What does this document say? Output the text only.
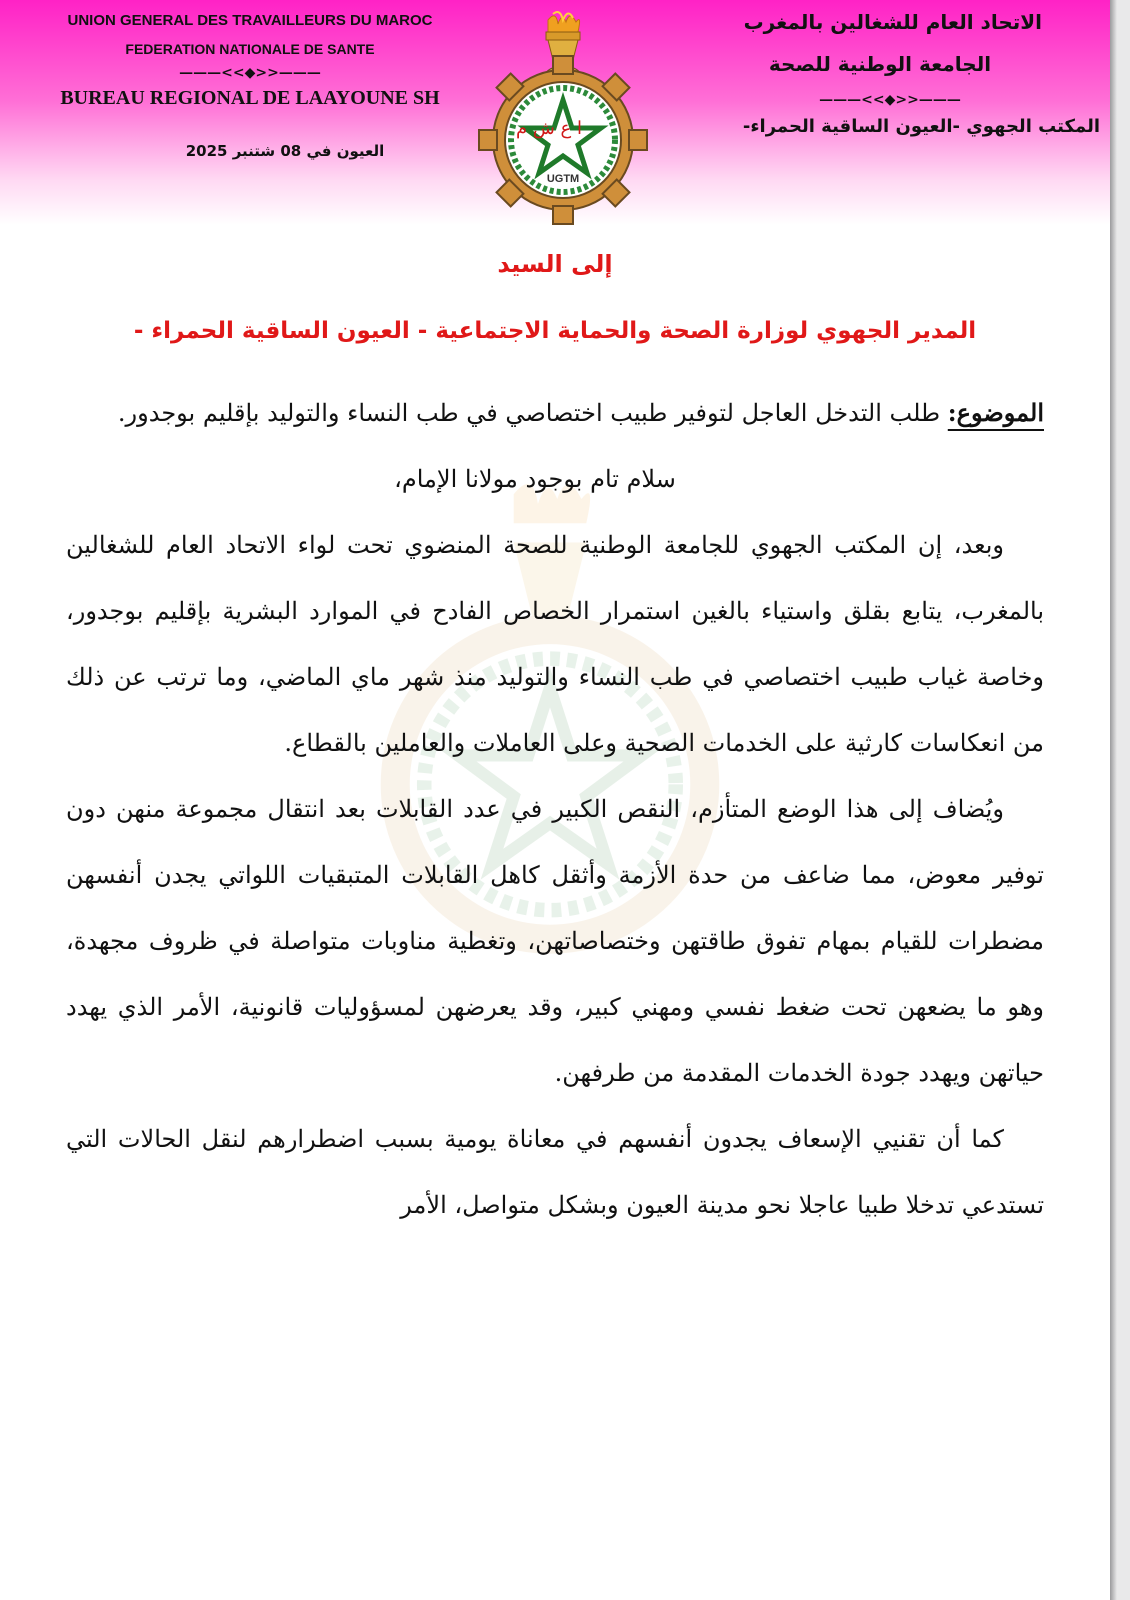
UNION GENERAL DES TRAVAILLEURS DU MAROC
FEDERATION NATIONALE DE SANTE
———<<◆>>———
BUREAU REGIONAL DE LAAYOUNE SH
العيون في 08 شتنبر 2025
ا ع ش م
UGTM
الاتحاد العام للشغالين بالمغرب
الجامعة الوطنية للصحة
———<<◆>>———
المكتب الجهوي -العيون الساقية الحمراء-
إلى السيد
المدير الجهوي لوزارة الصحة والحماية الاجتماعية - العيون الساقية الحمراء -

الموضوع: طلب التدخل العاجل لتوفير طبيب اختصاصي في طب النساء والتوليد بإقليم بوجدور.

سلام تام بوجود مولانا الإمام،

وبعد، إن المكتب الجهوي للجامعة الوطنية للصحة المنضوي تحت لواء الاتحاد العام للشغالين بالمغرب، يتابع بقلق واستياء بالغين استمرار الخصاص الفادح في الموارد البشرية بإقليم بوجدور، وخاصة غياب طبيب اختصاصي في طب النساء والتوليد منذ شهر ماي الماضي، وما ترتب عن ذلك من انعكاسات كارثية على الخدمات الصحية وعلى العاملات والعاملين بالقطاع.

ويُضاف إلى هذا الوضع المتأزم، النقص الكبير في عدد القابلات بعد انتقال مجموعة منهن دون توفير معوض، مما ضاعف من حدة الأزمة وأثقل كاهل القابلات المتبقيات اللواتي يجدن أنفسهن مضطرات للقيام بمهام تفوق طاقتهن وختصاصاتهن، وتغطية مناوبات متواصلة في ظروف مجهدة، وهو ما يضعهن تحت ضغط نفسي ومهني كبير، وقد يعرضهن لمسؤوليات قانونية، الأمر الذي يهدد حياتهن ويهدد جودة الخدمات المقدمة من طرفهن.

كما أن تقنيي الإسعاف يجدون أنفسهم في معاناة يومية بسبب اضطرارهم لنقل الحالات التي تستدعي تدخلا طبيا عاجلا نحو مدينة العيون وبشكل متواصل، الأمر
